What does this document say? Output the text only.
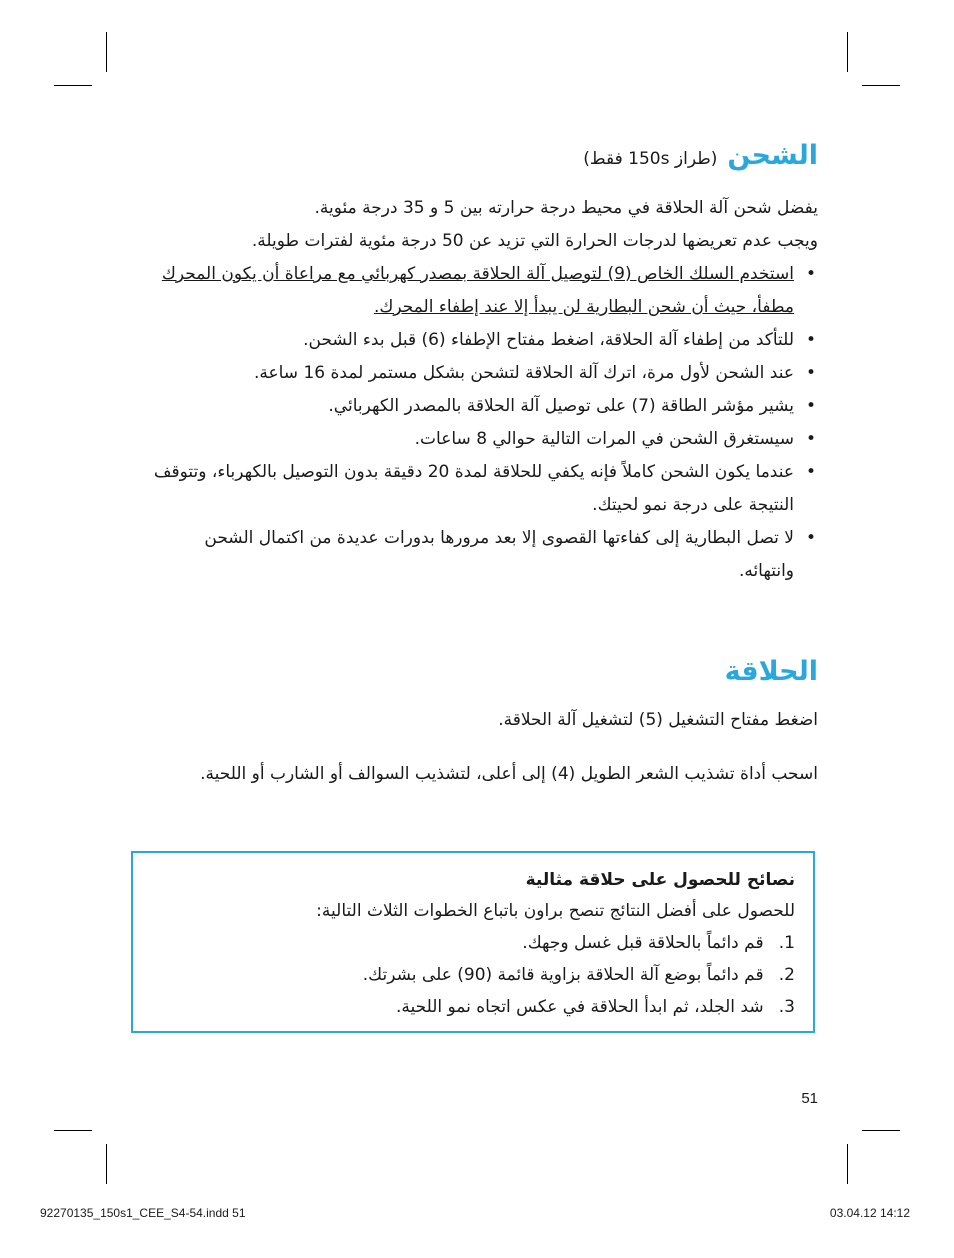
الشحن(طراز 150s فقط)
يفضل شحن آلة الحلاقة في محيط درجة حرارته بين 5 و 35 درجة مئوية.
ويجب عدم تعريضها لدرجات الحرارة التي تزيد عن 50 درجة مئوية لفترات طويلة.
• استخدم السلك الخاص (9) لتوصيل آلة الحلاقة بمصدر كهربائي مع مراعاة أن يكون المحرك مطفأ، حيث أن شحن البطارية لن يبدأ إلا عند إطفاء المحرك.
• للتأكد من إطفاء آلة الحلاقة، اضغط مفتاح الإطفاء (6) قبل بدء الشحن.
• عند الشحن لأول مرة، اترك آلة الحلاقة لتشحن بشكل مستمر لمدة 16 ساعة.
• يشير مؤشر الطاقة (7) على توصيل آلة الحلاقة بالمصدر الكهربائي.
• سيستغرق الشحن في المرات التالية حوالي 8 ساعات.
• عندما يكون الشحن كاملاً فإنه يكفي للحلاقة لمدة 20 دقيقة بدون التوصيل بالكهرباء، وتتوقف النتيجة على درجة نمو لحيتك.
• لا تصل البطارية إلى كفاءتها القصوى إلا بعد مرورها بدورات عديدة من اكتمال الشحن وانتهائه.
الحلاقة
اضغط مفتاح التشغيل (5) لتشغيل آلة الحلاقة.
اسحب أداة تشذيب الشعر الطويل (4) إلى أعلى، لتشذيب السوالف أو الشارب أو اللحية.
نصائح للحصول على حلاقة مثالية
للحصول على أفضل النتائج تنصح براون باتباع الخطوات الثلاث التالية:
1. قم دائماً بالحلاقة قبل غسل وجهك.
2. قم دائماً بوضع آلة الحلاقة بزاوية قائمة (90) على بشرتك.
3. شد الجلد، ثم ابدأ الحلاقة في عكس اتجاه نمو اللحية.
51
92270135_150s1_CEE_S4-54.indd 51	03.04.12 14:12
